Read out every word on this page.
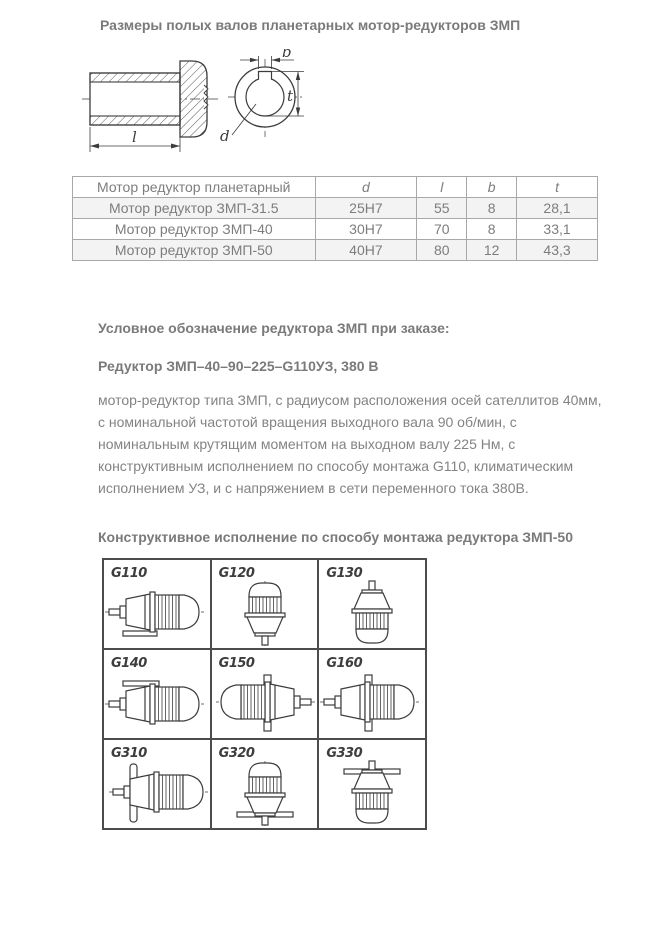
Размеры полых валов планетарных мотор-редукторов ЗМП
l
b
t
d
Мотор редуктор планетарный	d	l	b	t
Мотор редуктор ЗМП-31.5	25H7	55	8	28,1
Мотор редуктор ЗМП-40	30H7	70	8	33,1
Мотор редуктор ЗМП-50	40H7	80	12	43,3
Условное обозначение редуктора ЗМП при заказе:
Редуктор ЗМП–40–90–225–G110УЗ, 380 В
мотор-редуктор типа ЗМП, с радиусом расположения осей сателлитов 40мм, с номинальной частотой вращения выходного вала 90 об/мин, с номинальным крутящим моментом на выходном валу 225 Нм, с конструктивным исполнением по способу монтажа G110, климатическим исполнением УЗ, и с напряжением в сети переменного тока 380В.
Конструктивное исполнение по способу монтажа редуктора ЗМП-50
G110	G120	G130
G140	G150	G160
G310	G320	G330
